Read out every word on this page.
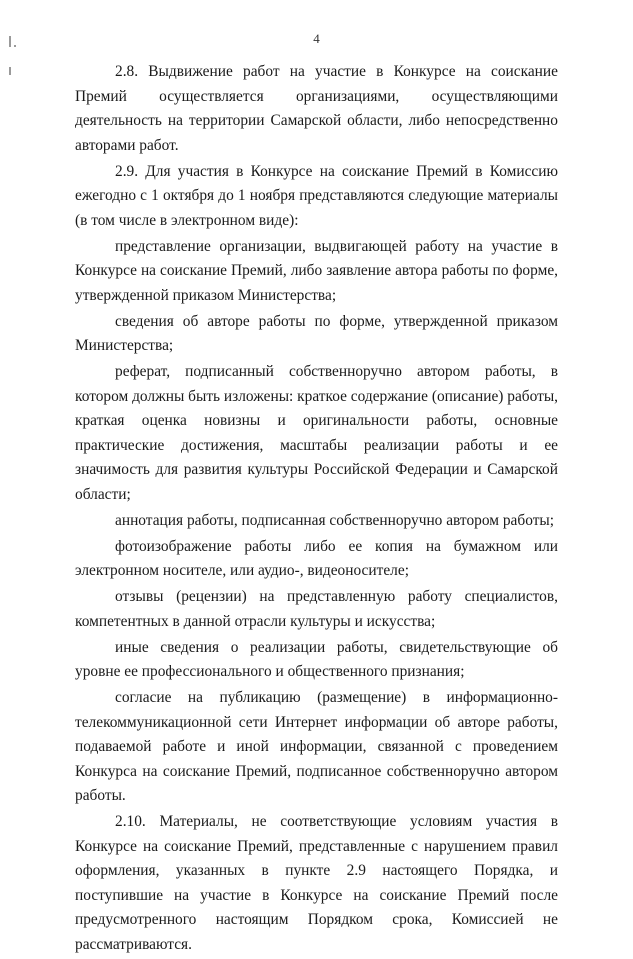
4

2.8. Выдвижение работ на участие в Конкурсе на соискание Премий осуществляется организациями, осуществляющими деятельность на территории Самарской области, либо непосредственно авторами работ.

2.9. Для участия в Конкурсе на соискание Премий в Комиссию ежегодно с 1 октября до 1 ноября представляются следующие материалы (в том числе в электронном виде):

представление организации, выдвигающей работу на участие в Конкурсе на соискание Премий, либо заявление автора работы по форме, утвержденной приказом Министерства;

сведения об авторе работы по форме, утвержденной приказом Министерства;

реферат, подписанный собственноручно автором работы, в котором должны быть изложены: краткое содержание (описание) работы, краткая оценка новизны и оригинальности работы, основные практические достижения, масштабы реализации работы и ее значимость для развития культуры Российской Федерации и Самарской области;

аннотация работы, подписанная собственноручно автором работы;

фотоизображение работы либо ее копия на бумажном или электронном носителе, или аудио-, видеоносителе;

отзывы (рецензии) на представленную работу специалистов, компетентных в данной отрасли культуры и искусства;

иные сведения о реализации работы, свидетельствующие об уровне ее профессионального и общественного признания;

согласие на публикацию (размещение) в информационно-телекоммуникационной сети Интернет информации об авторе работы, подаваемой работе и иной информации, связанной с проведением Конкурса на соискание Премий, подписанное собственноручно автором работы.

2.10. Материалы, не соответствующие условиям участия в Конкурсе на соискание Премий, представленные с нарушением правил оформления, указанных в пункте 2.9 настоящего Порядка, и поступившие на участие в Конкурсе на соискание Премий после предусмотренного настоящим Порядком срока, Комиссией не рассматриваются.
